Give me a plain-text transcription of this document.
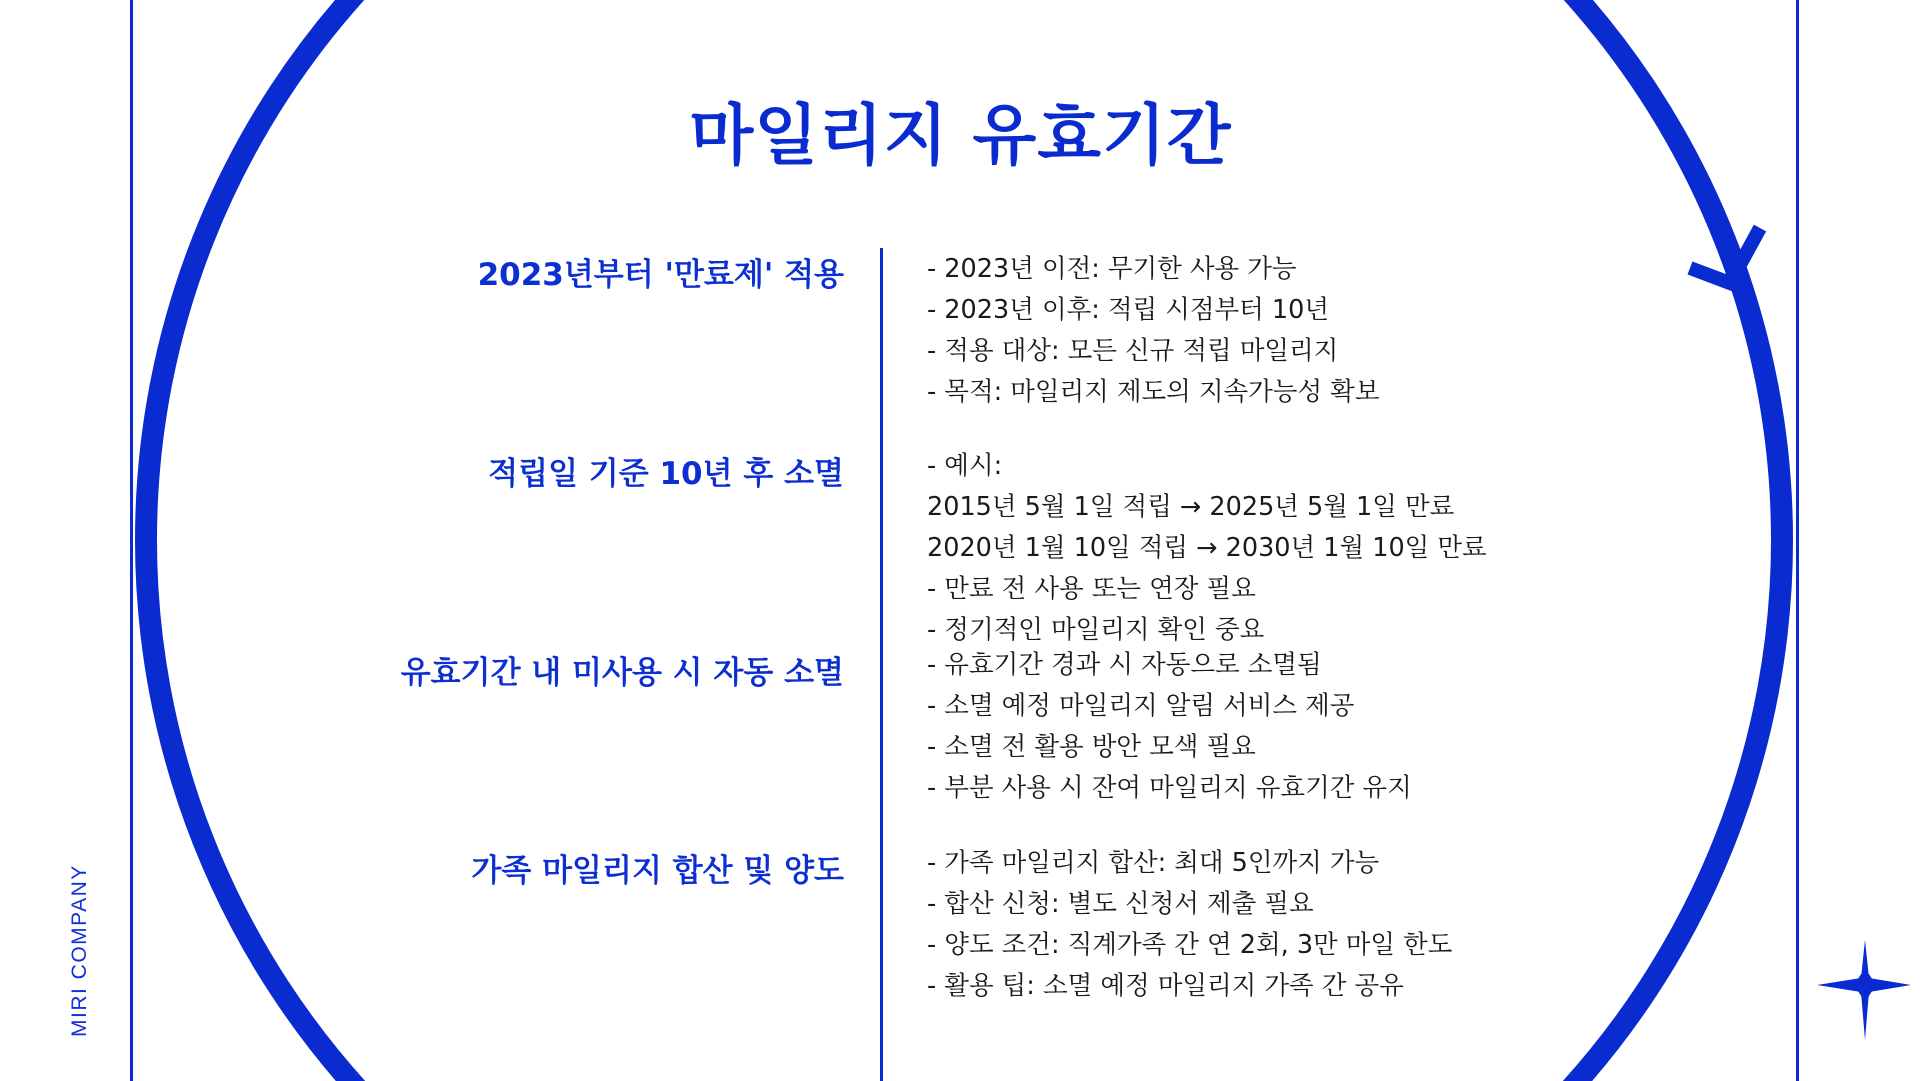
마일리지 유효기간
MIRI COMPANY
2023년부터 '만료제' 적용	- 2023년 이전: 무기한 사용 가능
- 2023년 이후: 적립 시점부터 10년
- 적용 대상: 모든 신규 적립 마일리지
- 목적: 마일리지 제도의 지속가능성 확보
적립일 기준 10년 후 소멸	- 예시:
2015년 5월 1일 적립 → 2025년 5월 1일 만료
2020년 1월 10일 적립 → 2030년 1월 10일 만료
- 만료 전 사용 또는 연장 필요
- 정기적인 마일리지 확인 중요
유효기간 내 미사용 시 자동 소멸	- 유효기간 경과 시 자동으로 소멸됨
- 소멸 예정 마일리지 알림 서비스 제공
- 소멸 전 활용 방안 모색 필요
- 부분 사용 시 잔여 마일리지 유효기간 유지
가족 마일리지 합산 및 양도	- 가족 마일리지 합산: 최대 5인까지 가능
- 합산 신청: 별도 신청서 제출 필요
- 양도 조건: 직계가족 간 연 2회, 3만 마일 한도
- 활용 팁: 소멸 예정 마일리지 가족 간 공유
